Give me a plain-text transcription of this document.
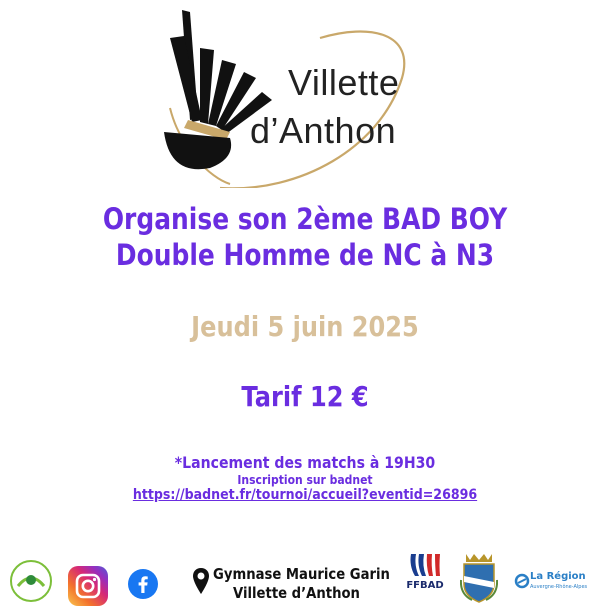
Villette
d’Anthon
Organise son 2ème BAD BOY
Double Homme de NC à N3
Jeudi 5 juin 2025
Tarif 12 €
*Lancement des matchs à 19H30
Inscription sur badnet
https://badnet.fr/tournoi/accueil?eventid=26896
Gymnase Maurice Garin
Villette d’Anthon	FFBAD
La Région
Auvergne-Rhône-Alpes
